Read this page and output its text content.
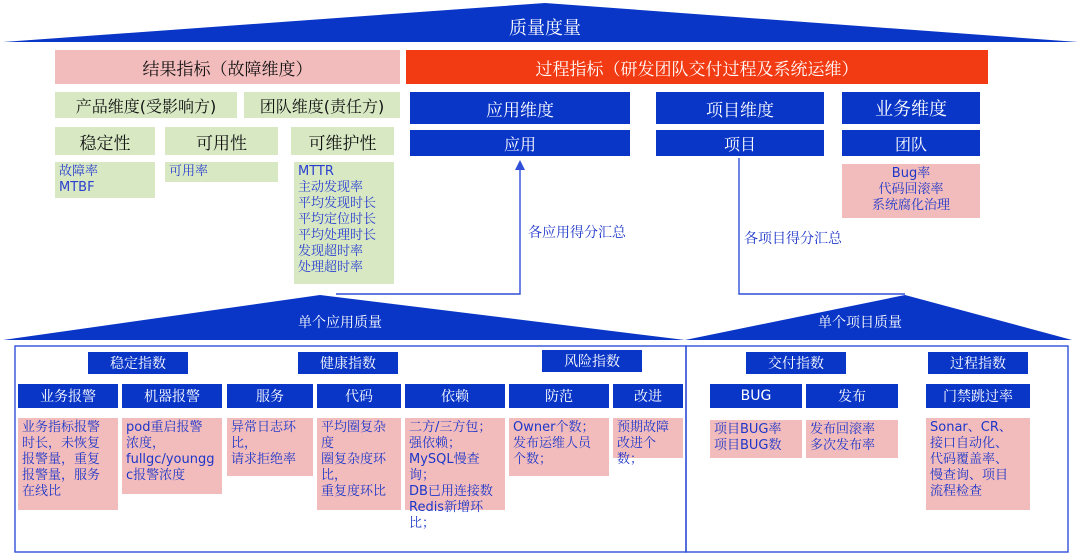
质量度量
单个应用质量	单个项目质量
结果指标（故障维度）
产品维度(受影响方)	团队维度(责任方)
稳定性	可用性	可维护性
故障率
MTBF
可用率	MTTR
主动发现率
平均发现时长
平均定位时长
平均处理时长
发现超时率
处理超时率
过程指标（研发团队交付过程及系统运维）
应用维度
应用
项目维度
项目
业务维度
团队
Bug率
代码回滚率
系统腐化治理
各应用得分汇总	各项目得分汇总
稳定指数	健康指数	风险指数
业务报警	机器报警	服务	代码	依赖	防范	改进
业务指标报警
时长，未恢复
报警量，重复
报警量，服务
在线比
pod重启报警
浓度，
fullgc/youngg
c报警浓度
异常日志环
比，
请求拒绝率
平均圈复杂
度
圈复杂度环
比，
重复度环比
二方/三方包；
强依赖；
MySQL慢查询；
DB已用连接数
Redis新增环比；
Owner个数；
发布运维人员
个数；
预期故障
改进个数；
交付指数	过程指数
BUG	发布	门禁跳过率
项目BUG率
项目BUG数
发布回滚率
多次发布率
Sonar、CR、
接口自动化、
代码覆盖率、
慢查询、项目
流程检查
